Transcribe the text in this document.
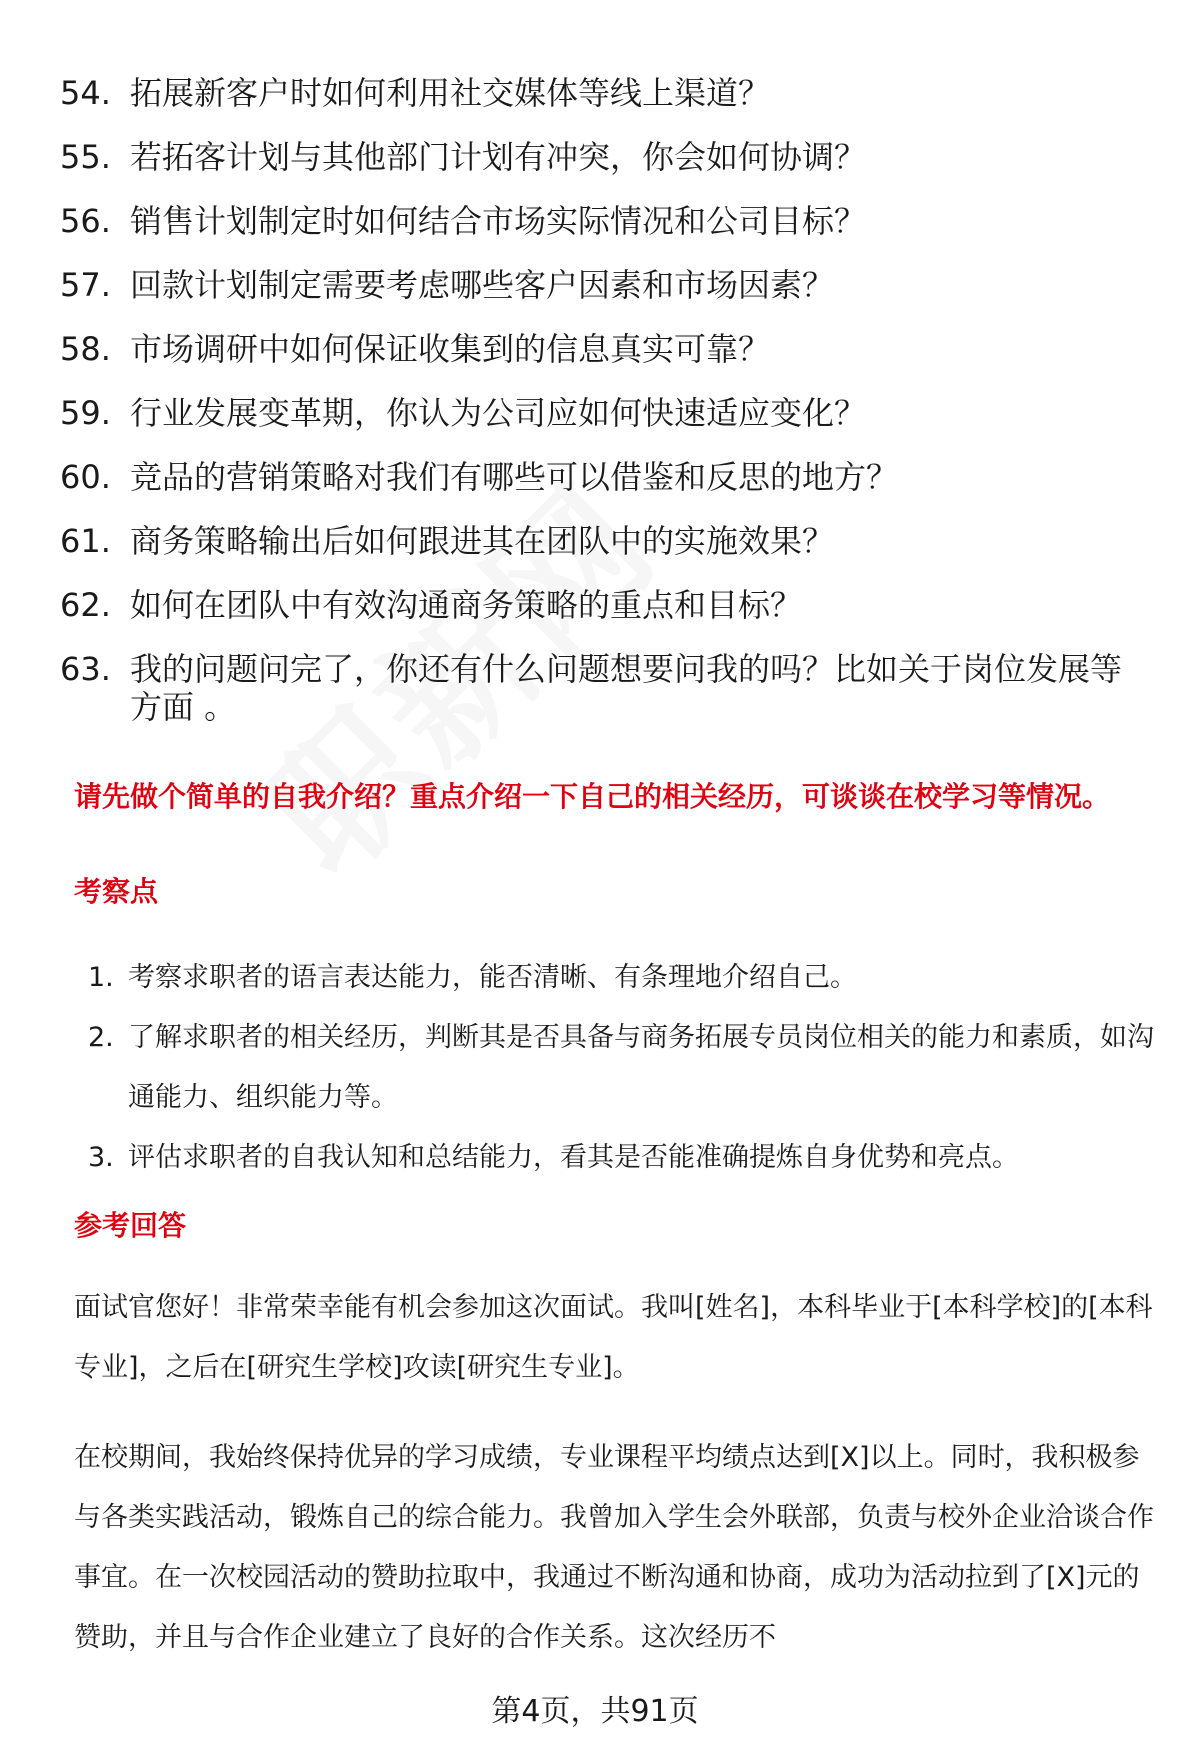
54. 拓展新客户时如何利用社交媒体等线上渠道？
55. 若拓客计划与其他部门计划有冲突，你会如何协调？
56. 销售计划制定时如何结合市场实际情况和公司目标？
57. 回款计划制定需要考虑哪些客户因素和市场因素？
58. 市场调研中如何保证收集到的信息真实可靠？
59. 行业发展变革期，你认为公司应如何快速适应变化？
60. 竞品的营销策略对我们有哪些可以借鉴和反思的地方？
61. 商务策略输出后如何跟进其在团队中的实施效果？
62. 如何在团队中有效沟通商务策略的重点和目标？
63. 我的问题问完了，你还有什么问题想要问我的吗？比如关于岗位发展等方面 。
请先做个简单的自我介绍？重点介绍一下自己的相关经历，可谈谈在校学习等情况。
考察点
1. 考察求职者的语言表达能力，能否清晰、有条理地介绍自己。
2. 了解求职者的相关经历，判断其是否具备与商务拓展专员岗位相关的能力和素质，如沟通能力、组织能力等。
3. 评估求职者的自我认知和总结能力，看其是否能准确提炼自身优势和亮点。
参考回答

面试官您好！非常荣幸能有机会参加这次面试。我叫[姓名]，本科毕业于[本科学校]的[本科专业]，之后在[研究生学校]攻读[研究生专业]。

在校期间，我始终保持优异的学习成绩，专业课程平均绩点达到[X]以上。同时，我积极参与各类实践活动，锻炼自己的综合能力。我曾加入学生会外联部，负责与校外企业洽谈合作事宜。在一次校园活动的赞助拉取中，我通过不断沟通和协商，成功为活动拉到了[X]元的赞助，并且与合作企业建立了良好的合作关系。这次经历不

第4页，共91页
